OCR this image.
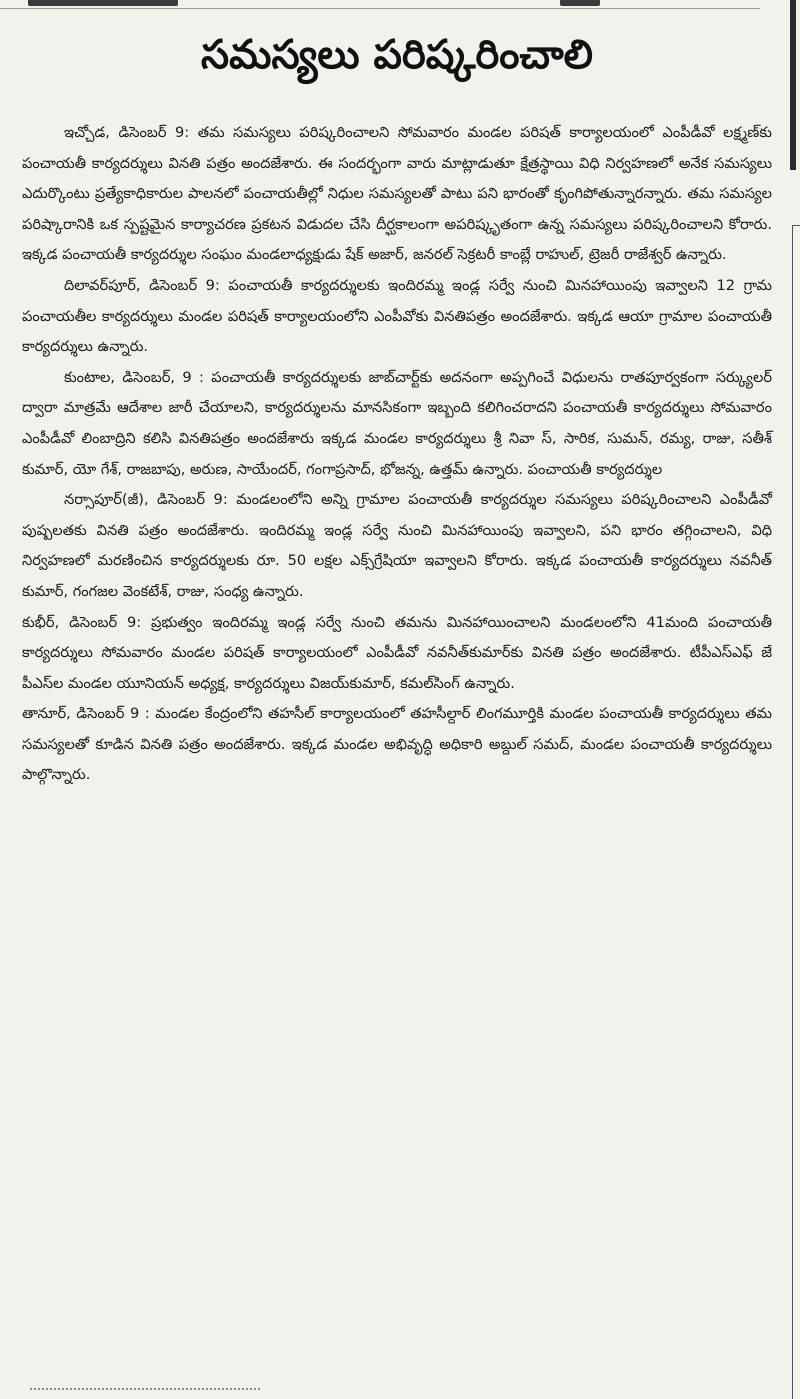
సమస్యలు పరిష్కరించాలి

ఇచ్చోడ, డిసెంబర్ 9: తమ సమస్యలు పరిష్కరించాలని సోమవారం మండల పరిషత్ కార్యాలయంలో ఎంపీడీవో లక్ష్మణ్‌కు పంచాయతీ కార్యదర్శులు వినతి పత్రం అందజేశారు. ఈ సందర్భంగా వారు మాట్లాడుతూ క్షేత్రస్థాయి విధి నిర్వహణలో అనేక సమస్యలు ఎదుర్కొంటు ప్రత్యేకాధికారుల పాలనలో పంచాయతీల్లో నిధుల సమస్యలతో పాటు పని భారంతో కృంగిపోతున్నారన్నారు. తమ సమస్యల పరిష్కారానికి ఒక స్పష్టమైన కార్యాచరణ ప్రకటన విడుదల చేసి దీర్ఘకాలంగా అపరిష్కృతంగా ఉన్న సమస్యలు పరిష్కరించాలని కోరారు. ఇక్కడ పంచాయతీ కార్యదర్శుల సంఘం మండలాధ్యక్షుడు షేక్ అజార్, జనరల్ సెక్రటరీ కాంబ్లే రాహుల్, ట్రెజరీ రాజేశ్వర్ ఉన్నారు.

దిలావర్‌పూర్, డిసెంబర్ 9: పంచాయతీ కార్యదర్శులకు ఇందిరమ్మ ఇండ్ల సర్వే నుంచి మినహాయింపు ఇవ్వాలని 12 గ్రామ పంచాయతీల కార్యదర్శులు మండల పరిషత్ కార్యాలయంలోని ఎంపీవోకు వినతిపత్రం అందజేశారు. ఇక్కడ ఆయా గ్రామాల పంచాయతీ కార్యదర్శులు ఉన్నారు.

కుంటాల, డిసెంబర్, 9 : పంచాయతీ కార్యదర్శులకు జాబ్‌చార్ట్‌కు అదనంగా అప్పగించే విధులను రాతపూర్వకంగా సర్క్యులర్ ద్వారా మాత్రమే ఆదేశాల జారీ చేయాలని, కార్యదర్శులను మానసికంగా ఇబ్బంది కలిగించరాదని పంచాయతీ కార్యదర్శులు సోమవారం ఎంపీడీవో లింబాద్రిని కలిసి వినతిపత్రం అందజేశారు ఇక్కడ మండల కార్యదర్శులు శ్రీ నివా స్, సారిక, సుమన్, రమ్య, రాజు, సతీశ్ కుమార్, యో గేశ్, రాజబాపు, అరుణ, సాయేందర్, గంగాప్రసాద్, భోజన్న, ఉత్తమ్ ఉన్నారు. పంచాయతీ కార్యదర్శుల

నర్సాపూర్(జీ), డిసెంబర్ 9: మండలంలోని అన్ని గ్రామాల పంచాయతీ కార్యదర్శుల సమస్యలు పరిష్కరించాలని ఎంపీడీవో పుష్పలతకు వినతి పత్రం అందజేశారు. ఇందిరమ్మ ఇండ్ల సర్వే నుంచి మినహాయింపు ఇవ్వాలని, పని భారం తగ్గించాలని, విధి నిర్వహణలో మరణించిన కార్యదర్శులకు రూ. 50 లక్షల ఎక్స్‌గ్రేషియా ఇవ్వాలని కోరారు. ఇక్కడ పంచాయతీ కార్యదర్శులు నవనీత్ కుమార్, గంగజల వెంకటేశ్, రాజు, సంధ్య ఉన్నారు.

కుభీర్, డిసెంబర్ 9: ప్రభుత్వం ఇందిరమ్మ ఇండ్ల సర్వే నుంచి తమను మినహాయించాలని మండలంలోని 41మంది పంచాయతీ కార్యదర్శులు సోమవారం మండల పరిషత్ కార్యాలయంలో ఎంపీడీవో నవనీత్‌కుమార్‌కు వినతి పత్రం అందజేశారు. టీపీఎస్‌ఎఫ్ జే పీఎస్‌ల మండల యూనియన్ అధ్యక్ష, కార్యదర్శులు విజయ్‌కుమార్, కమల్‌సింగ్ ఉన్నారు.

తానూర్, డిసెంబర్ 9 : మండల కేంద్రంలోని తహసీల్ కార్యాలయంలో తహసీల్దార్ లింగమూర్తికి మండల పంచాయతీ కార్యదర్శులు తమ సమస్యలతో కూడిన వినతి పత్రం అందజేశారు. ఇక్కడ మండల అభివృద్ధి అధికారి అబ్దుల్ సమద్, మండల పంచాయతీ కార్యదర్శులు పాల్గొన్నారు.
